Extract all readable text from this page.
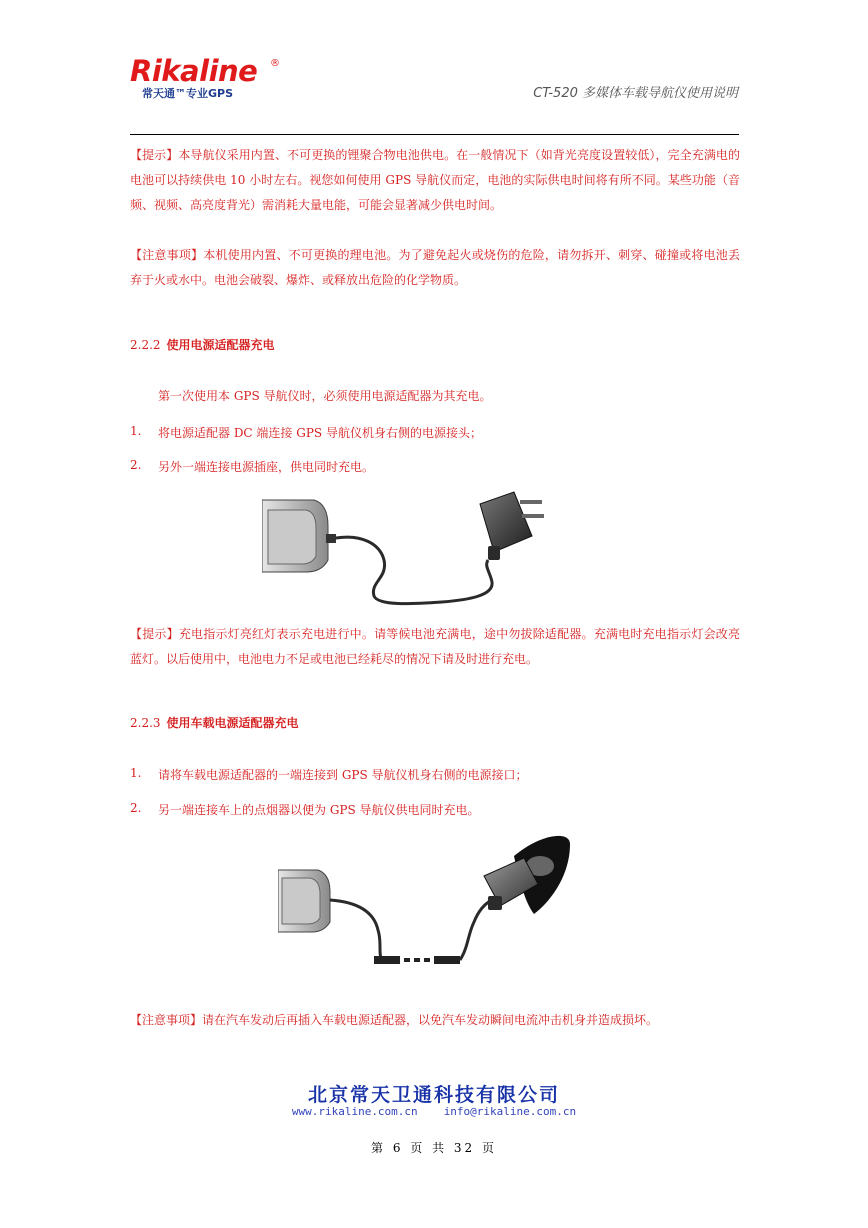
Rikaline ®
常天通™专业GPS	CT-520 多媒体车载导航仪使用说明
【提示】本导航仪采用内置、不可更换的锂聚合物电池供电。在一般情况下（如背光亮度设置较低），完全充满电的电池可以持续供电 10 小时左右。视您如何使用 GPS 导航仪而定，电池的实际供电时间将有所不同。某些功能（音频、视频、高亮度背光）需消耗大量电能，可能会显著减少供电时间。
【注意事项】本机使用内置、不可更换的理电池。为了避免起火或烧伤的危险，请勿拆开、刺穿、碰撞或将电池丢弃于火或水中。电池会破裂、爆炸、或释放出危险的化学物质。
2.2.2 使用电源适配器充电
第一次使用本 GPS 导航仪时，必须使用电源适配器为其充电。
1. 将电源适配器 DC 端连接 GPS 导航仪机身右侧的电源接头；
2. 另外一端连接电源插座，供电同时充电。
【提示】充电指示灯亮红灯表示充电进行中。请等候电池充满电，途中勿拔除适配器。充满电时充电指示灯会改亮蓝灯。以后使用中，电池电力不足或电池已经耗尽的情况下请及时进行充电。
2.2.3 使用车载电源适配器充电
1. 请将车载电源适配器的一端连接到 GPS 导航仪机身右侧的电源接口；
2. 另一端连接车上的点烟器以便为 GPS 导航仪供电同时充电。
【注意事项】请在汽车发动后再插入车载电源适配器，以免汽车发动瞬间电流冲击机身并造成损坏。
北京常天卫通科技有限公司
www.rikaline.com.cn info@rikaline.com.cn
第 6 页 共 32 页
